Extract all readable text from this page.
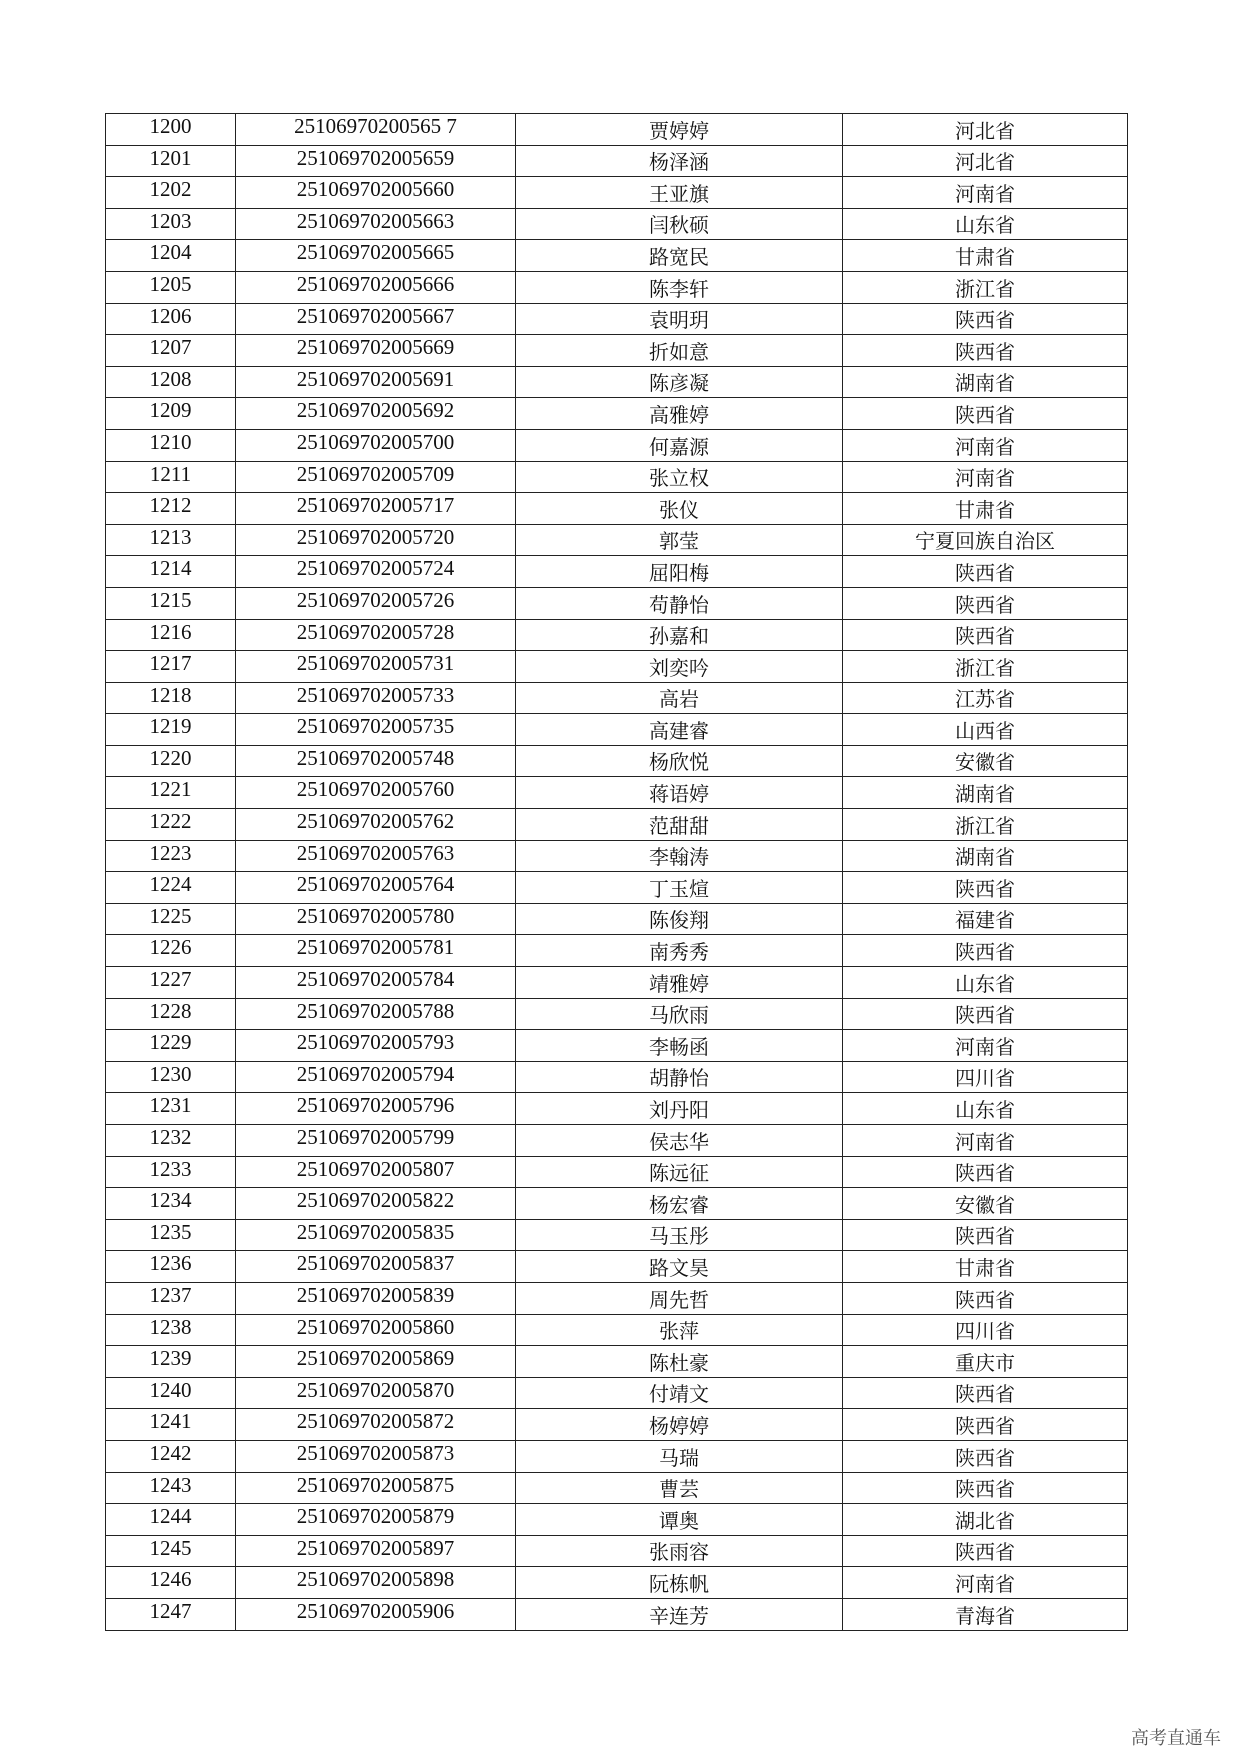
1200	25106970200565 7	贾婷婷	河北省
1201	251069702005659	杨泽涵	河北省
1202	251069702005660	王亚旗	河南省
1203	251069702005663	闫秋硕	山东省
1204	251069702005665	路宽民	甘肃省
1205	251069702005666	陈李轩	浙江省
1206	251069702005667	袁明玥	陕西省
1207	251069702005669	折如意	陕西省
1208	251069702005691	陈彦凝	湖南省
1209	251069702005692	高雅婷	陕西省
1210	251069702005700	何嘉源	河南省
1211	251069702005709	张立权	河南省
1212	251069702005717	张仪	甘肃省
1213	251069702005720	郭莹	宁夏回族自治区
1214	251069702005724	屈阳梅	陕西省
1215	251069702005726	苟静怡	陕西省
1216	251069702005728	孙嘉和	陕西省
1217	251069702005731	刘奕吟	浙江省
1218	251069702005733	高岩	江苏省
1219	251069702005735	高建睿	山西省
1220	251069702005748	杨欣悦	安徽省
1221	251069702005760	蒋语婷	湖南省
1222	251069702005762	范甜甜	浙江省
1223	251069702005763	李翰涛	湖南省
1224	251069702005764	丁玉煊	陕西省
1225	251069702005780	陈俊翔	福建省
1226	251069702005781	南秀秀	陕西省
1227	251069702005784	靖雅婷	山东省
1228	251069702005788	马欣雨	陕西省
1229	251069702005793	李畅函	河南省
1230	251069702005794	胡静怡	四川省
1231	251069702005796	刘丹阳	山东省
1232	251069702005799	侯志华	河南省
1233	251069702005807	陈远征	陕西省
1234	251069702005822	杨宏睿	安徽省
1235	251069702005835	马玉彤	陕西省
1236	251069702005837	路文昊	甘肃省
1237	251069702005839	周先哲	陕西省
1238	251069702005860	张萍	四川省
1239	251069702005869	陈杜豪	重庆市
1240	251069702005870	付靖文	陕西省
1241	251069702005872	杨婷婷	陕西省
1242	251069702005873	马瑞	陕西省
1243	251069702005875	曹芸	陕西省
1244	251069702005879	谭奥	湖北省
1245	251069702005897	张雨容	陕西省
1246	251069702005898	阮栋帆	河南省
1247	251069702005906	辛连芳	青海省
高考直通车
